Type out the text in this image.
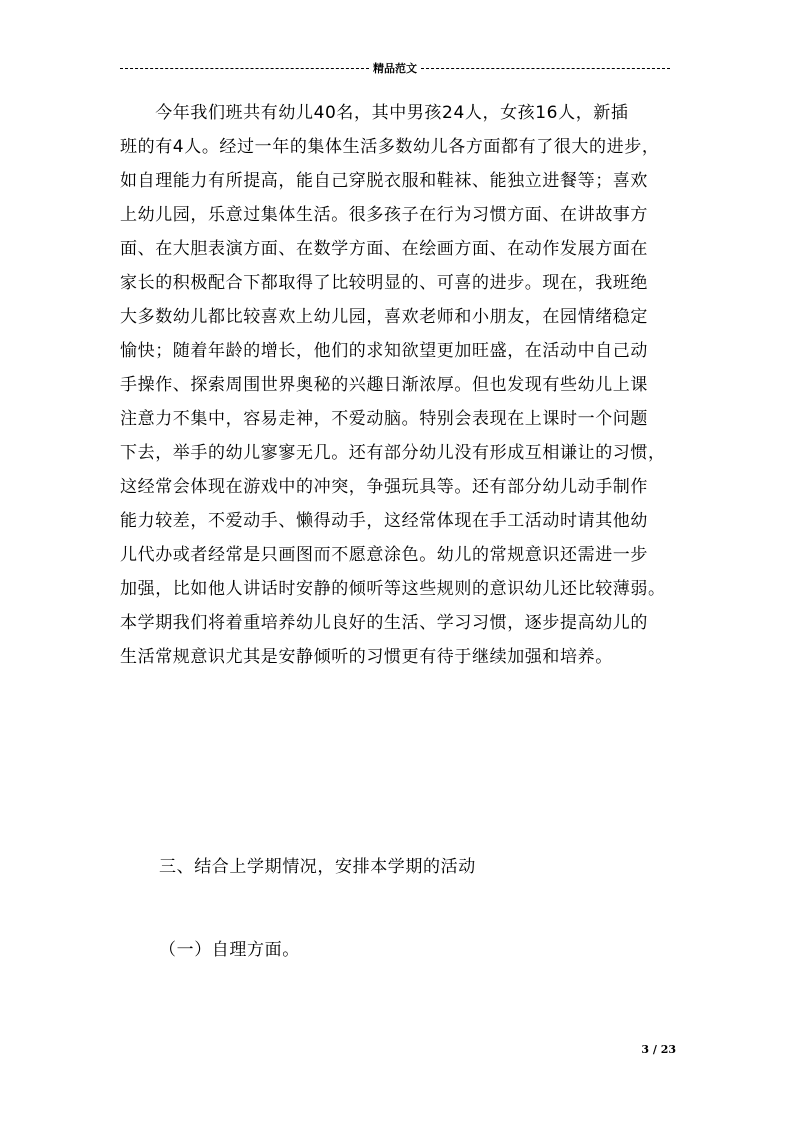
精品范文
　　今年我们班共有幼儿40名，其中男孩24人，女孩16人，新插
班的有4人。经过一年的集体生活多数幼儿各方面都有了很大的进步，
如自理能力有所提高，能自己穿脱衣服和鞋袜、能独立进餐等；喜欢
上幼儿园，乐意过集体生活。很多孩子在行为习惯方面、在讲故事方
面、在大胆表演方面、在数学方面、在绘画方面、在动作发展方面在
家长的积极配合下都取得了比较明显的、可喜的进步。现在，我班绝
大多数幼儿都比较喜欢上幼儿园，喜欢老师和小朋友，在园情绪稳定
愉快；随着年龄的增长，他们的求知欲望更加旺盛，在活动中自己动
手操作、探索周围世界奥秘的兴趣日渐浓厚。但也发现有些幼儿上课
注意力不集中，容易走神，不爱动脑。特别会表现在上课时一个问题
下去，举手的幼儿寥寥无几。还有部分幼儿没有形成互相谦让的习惯，
这经常会体现在游戏中的冲突，争强玩具等。还有部分幼儿动手制作
能力较差，不爱动手、懒得动手，这经常体现在手工活动时请其他幼
儿代办或者经常是只画图而不愿意涂色。幼儿的常规意识还需进一步
加强，比如他人讲话时安静的倾听等这些规则的意识幼儿还比较薄弱。
本学期我们将着重培养幼儿良好的生活、学习习惯，逐步提高幼儿的
生活常规意识尤其是安静倾听的习惯更有待于继续加强和培养。
三、结合上学期情况，安排本学期的活动
（一）自理方面。
3 / 23
